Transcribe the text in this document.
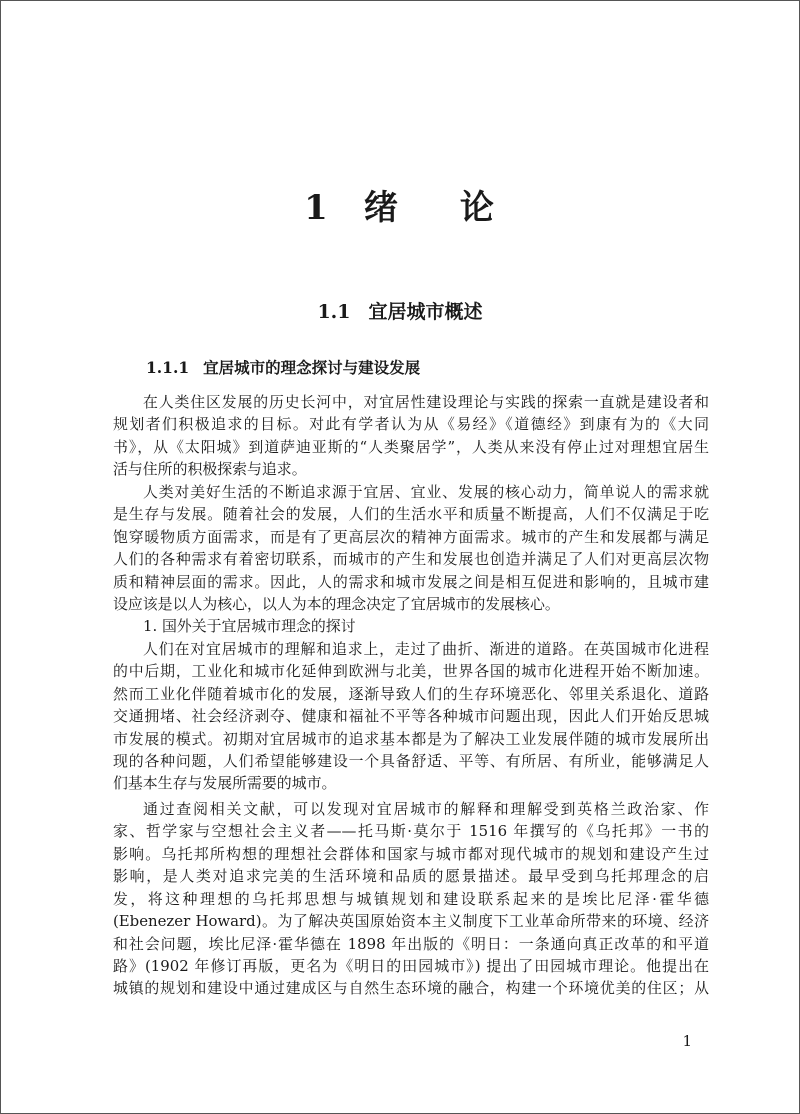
1 绪 论
1.1 宜居城市概述
1.1.1 宜居城市的理念探讨与建设发展
在人类住区发展的历史长河中，对宜居性建设理论与实践的探索一直就是建设者和
规划者们积极追求的目标。对此有学者认为从《易经》《道德经》到康有为的《大同
书》，从《太阳城》到道萨迪亚斯的“人类聚居学”，人类从来没有停止过对理想宜居生
活与住所的积极探索与追求。
人类对美好生活的不断追求源于宜居、宜业、发展的核心动力，简单说人的需求就
是生存与发展。随着社会的发展，人们的生活水平和质量不断提高，人们不仅满足于吃
饱穿暖物质方面需求，而是有了更高层次的精神方面需求。城市的产生和发展都与满足
人们的各种需求有着密切联系，而城市的产生和发展也创造并满足了人们对更高层次物
质和精神层面的需求。因此，人的需求和城市发展之间是相互促进和影响的，且城市建
设应该是以人为核心，以人为本的理念决定了宜居城市的发展核心。
1. 国外关于宜居城市理念的探讨
人们在对宜居城市的理解和追求上，走过了曲折、渐进的道路。在英国城市化进程
的中后期，工业化和城市化延伸到欧洲与北美，世界各国的城市化进程开始不断加速。
然而工业化伴随着城市化的发展，逐渐导致人们的生存环境恶化、邻里关系退化、道路
交通拥堵、社会经济剥夺、健康和福祉不平等各种城市问题出现，因此人们开始反思城
市发展的模式。初期对宜居城市的追求基本都是为了解决工业发展伴随的城市发展所出
现的各种问题，人们希望能够建设一个具备舒适、平等、有所居、有所业，能够满足人
们基本生存与发展所需要的城市。
通过查阅相关文献，可以发现对宜居城市的解释和理解受到英格兰政治家、作
家、哲学家与空想社会主义者——托马斯·莫尔于 1516 年撰写的《乌托邦》一书的
影响。乌托邦所构想的理想社会群体和国家与城市都对现代城市的规划和建设产生过
影响，是人类对追求完美的生活环境和品质的愿景描述。最早受到乌托邦理念的启
发，将这种理想的乌托邦思想与城镇规划和建设联系起来的是埃比尼泽·霍华德
(Ebenezer Howard)。为了解决英国原始资本主义制度下工业革命所带来的环境、经济
和社会问题，埃比尼泽·霍华德在 1898 年出版的《明日：一条通向真正改革的和平道
路》(1902 年修订再版，更名为《明日的田园城市》) 提出了田园城市理论。他提出在
城镇的规划和建设中通过建成区与自然生态环境的融合，构建一个环境优美的住区；从
1
